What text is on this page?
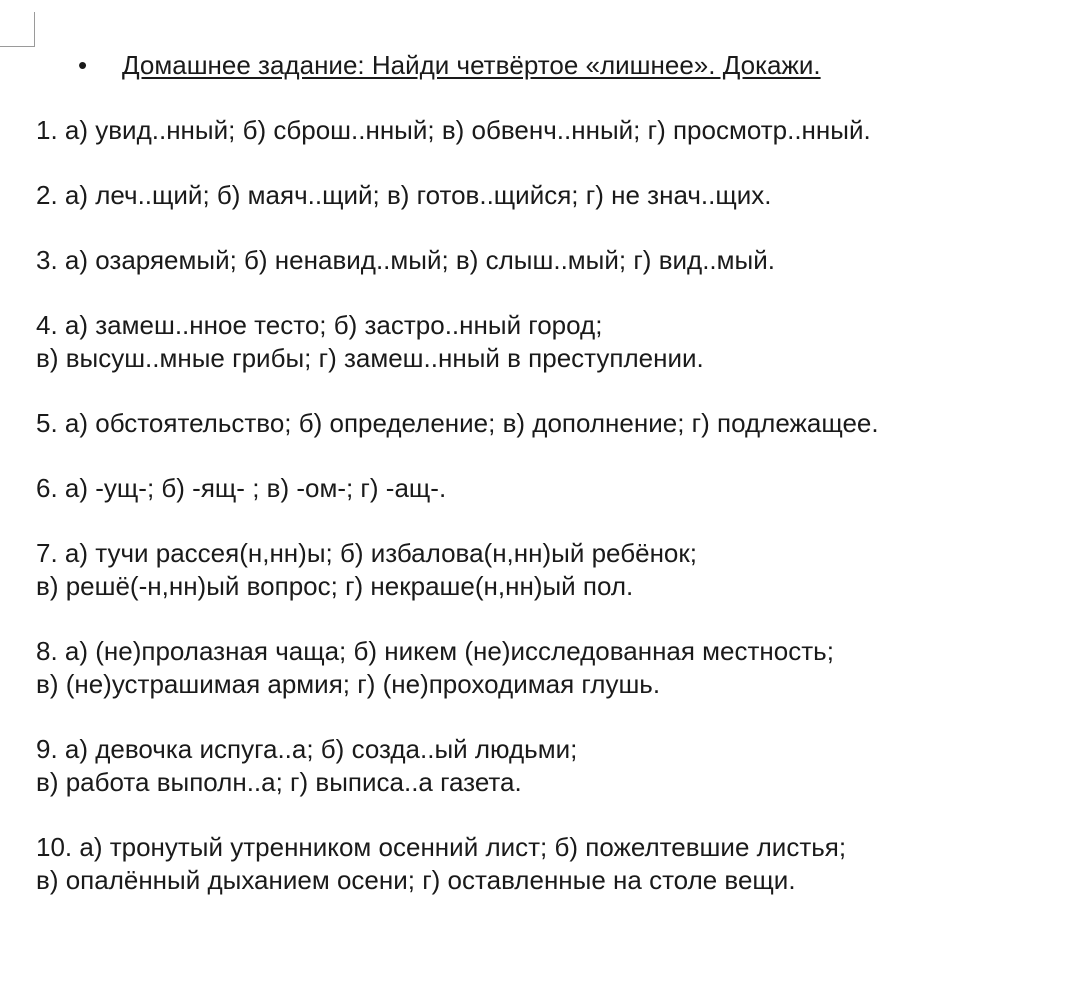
• Домашнее задание: Найди четвёртое «лишнее». Докажи.
1. а) увид..нный; б) сброш..нный; в) обвенч..нный; г) просмотр..нный.
2. а) леч..щий; б) маяч..щий; в) готов..щийся; г) не знач..щих.
3. а) озаряемый; б) ненавид..мый; в) слыш..мый; г) вид..мый.
4. а) замеш..нное тесто; б) застро..нный город;
в) высуш..мные грибы; г) замеш..нный в преступлении.
5. а) обстоятельство; б) определение; в) дополнение; г) подлежащее.
6. а) -ущ-; б) -ящ- ; в) -ом-; г) -ащ-.
7. а) тучи рассея(н,нн)ы; б) избалова(н,нн)ый ребёнок;
в) решё(-н,нн)ый вопрос; г) некраше(н,нн)ый пол.
8. а) (не)пролазная чаща; б) никем (не)исследованная местность;
в) (не)устрашимая армия; г) (не)проходимая глушь.
9. а) девочка испуга..а; б) созда..ый людьми;
в) работа выполн..а; г) выписа..а газета.
10. а) тронутый утренником осенний лист; б) пожелтевшие листья;
в) опалённый дыханием осени; г) оставленные на столе вещи.
